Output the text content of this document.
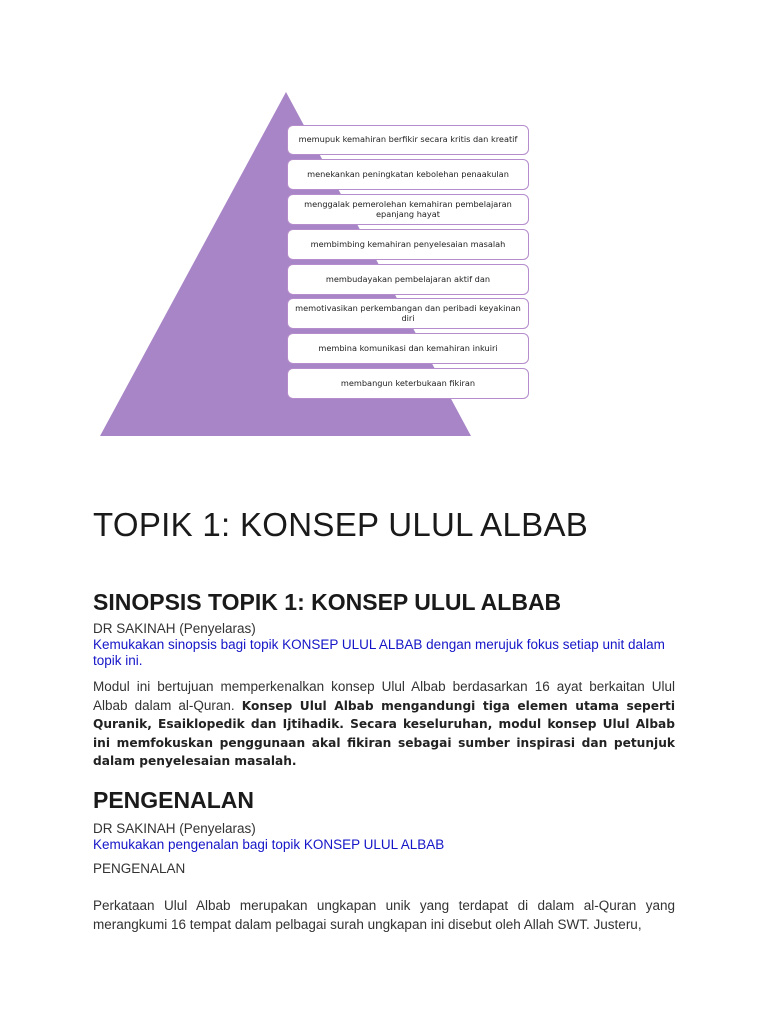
memupuk kemahiran berfikir secara kritis dan kreatif
menekankan peningkatan kebolehan penaakulan
menggalak pemerolehan kemahiran pembelajaran epanjang hayat
membimbing kemahiran penyelesaian masalah
membudayakan pembelajaran aktif dan
memotivasikan perkembangan dan peribadi keyakinan diri
membina komunikasi dan kemahiran inkuiri
membangun keterbukaan fikiran
TOPIK 1: KONSEP ULUL ALBAB
SINOPSIS TOPIK 1: KONSEP ULUL ALBAB
DR SAKINAH (Penyelaras)
Kemukakan sinopsis bagi topik KONSEP ULUL ALBAB dengan merujuk fokus setiap unit dalam topik ini.
Modul ini bertujuan memperkenalkan konsep Ulul Albab berdasarkan 16 ayat berkaitan Ulul Albab dalam al-Quran. Konsep Ulul Albab mengandungi tiga elemen utama seperti Quranik, Esaiklopedik dan Ijtihadik. Secara keseluruhan, modul konsep Ulul Albab ini memfokuskan penggunaan akal fikiran sebagai sumber inspirasi dan petunjuk dalam penyelesaian masalah.
PENGENALAN
DR SAKINAH (Penyelaras)
Kemukakan pengenalan bagi topik KONSEP ULUL ALBAB
PENGENALAN
Perkataan Ulul Albab merupakan ungkapan unik yang terdapat di dalam al-Quran yang merangkumi 16 tempat dalam pelbagai surah ungkapan ini disebut oleh Allah SWT. Justeru,
